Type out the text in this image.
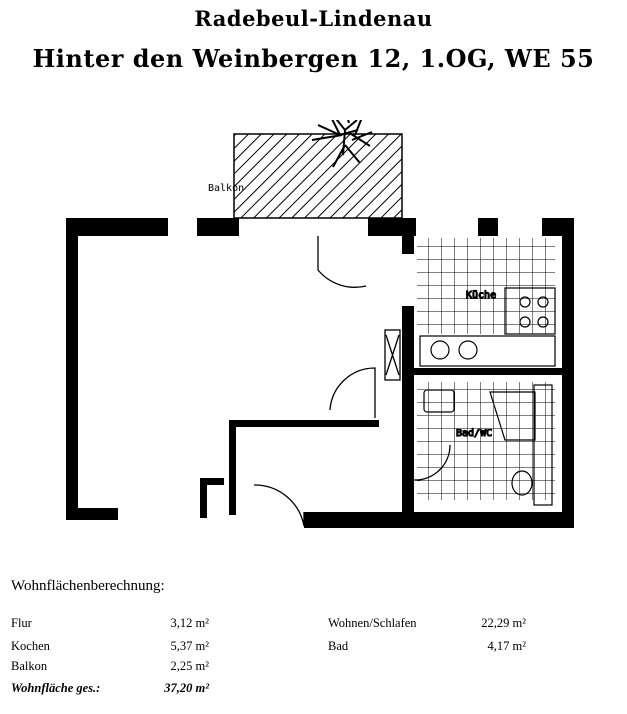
Radebeul-Lindenau
Hinter den Weinbergen 12, 1.OG, WE 55
Balkon
Küche
Bad/WC
Wohnflächenberechnung:
Flur	3,12 m²
Kochen	5,37 m²
Balkon	2,25 m²
Wohnfläche ges.:	37,20 m²
Wohnen/Schlafen	22,29 m²
Bad	4,17 m²
